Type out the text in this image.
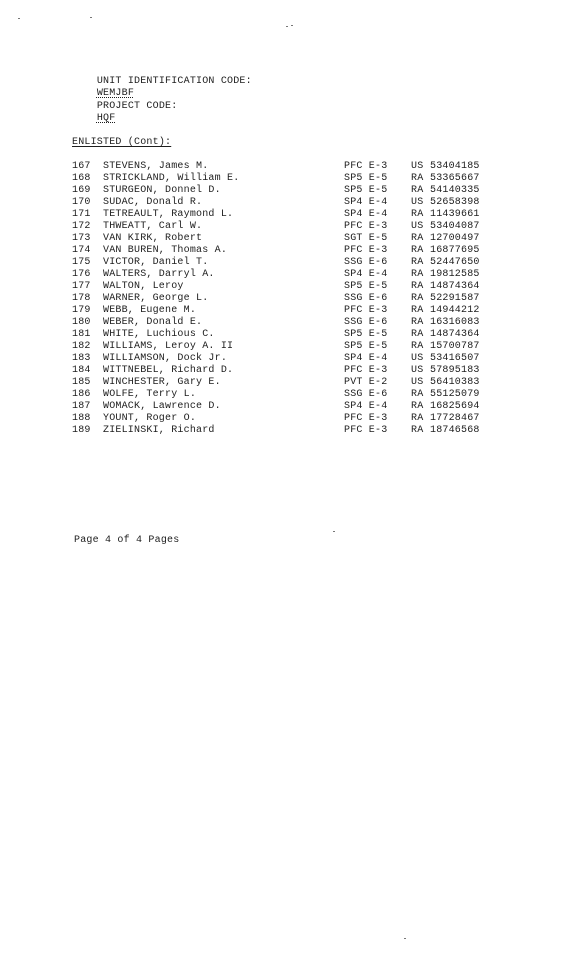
UNIT IDENTIFICATION CODE:
WEMJBF

PROJECT CODE:
HQF

ENLISTED (Cont):
167 STEVENS, James M.	PFC E-3 US 53404185
168 STRICKLAND, William E.	SP5 E-5 RA 53365667
169 STURGEON, Donnel D.	SP5 E-5 RA 54140335
170 SUDAC, Donald R.	SP4 E-4 US 52658398
171 TETREAULT, Raymond L.	SP4 E-4 RA 11439661
172 THWEATT, Carl W.	PFC E-3 US 53404087
173 VAN KIRK, Robert	SGT E-5 RA 12700497
174 VAN BUREN, Thomas A.	PFC E-3 RA 16877695
175 VICTOR, Daniel T.	SSG E-6 RA 52447650
176 WALTERS, Darryl A.	SP4 E-4 RA 19812585
177 WALTON, Leroy	SP5 E-5 RA 14874364
178 WARNER, George L.	SSG E-6 RA 52291587
179 WEBB, Eugene M.	PFC E-3 RA 14944212
180 WEBER, Donald E.	SSG E-6 RA 16316083
181 WHITE, Luchious C.	SP5 E-5 RA 14874364
182 WILLIAMS, Leroy A. II	SP5 E-5 RA 15700787
183 WILLIAMSON, Dock Jr.	SP4 E-4 US 53416507
184 WITTNEBEL, Richard D.	PFC E-3 US 57895183
185 WINCHESTER, Gary E.	PVT E-2 US 56410383
186 WOLFE, Terry L.	SSG E-6 RA 55125079
187 WOMACK, Lawrence D.	SP4 E-4 RA 16825694
188 YOUNT, Roger O.	PFC E-3 RA 17728467
189 ZIELINSKI, Richard	PFC E-3 RA 18746568
Page 4 of 4 Pages
